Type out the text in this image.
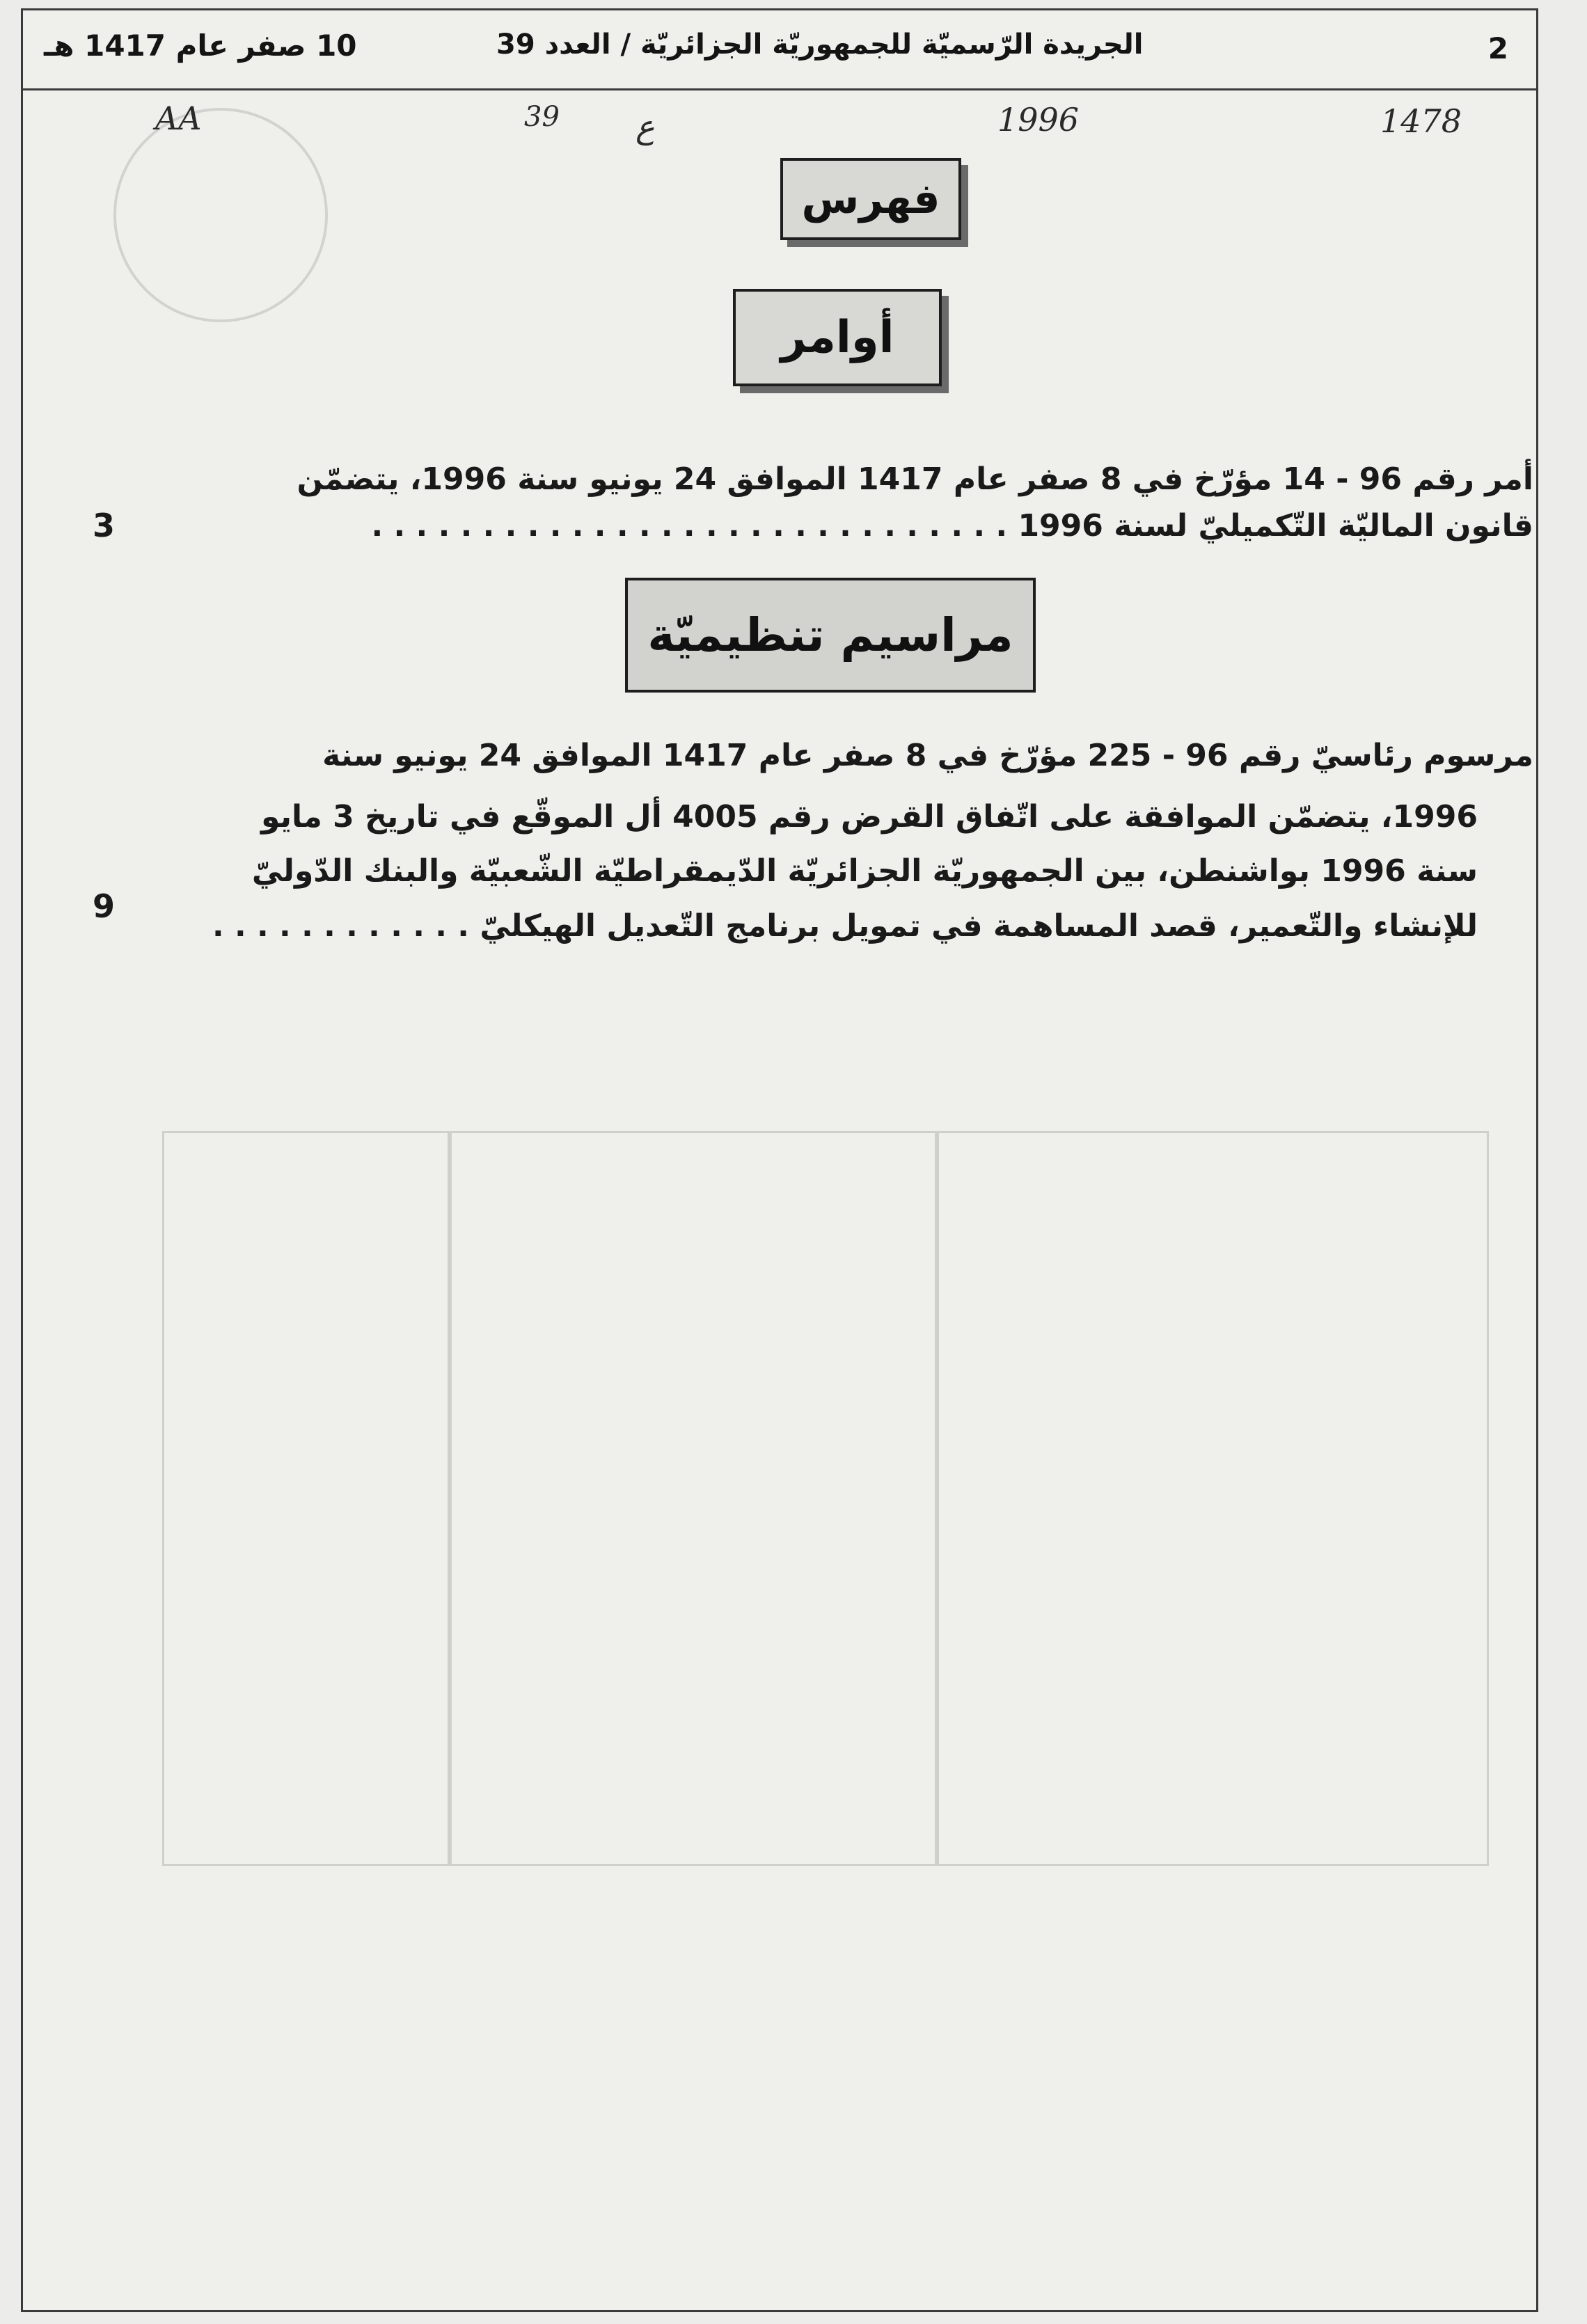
2
الجريدة الرّسميّة للجمهوريّة الجزائريّة / العدد 39
10 صفر عام 1417 هـ
AA	39 ع	1996	1478
فهرس
أوامر
مراسيم تنظيميّة
أمر رقم 96 - 14 مؤرّخ في 8 صفر عام 1417 الموافق 24 يونيو سنة 1996، يتضمّن
قانون الماليّة التّكميليّ لسنة 1996 . . . . . . . . . . . . . . . . . . . . . . . . . . . . .
3
مرسوم رئاسيّ رقم 96 - 225 مؤرّخ في 8 صفر عام 1417 الموافق 24 يونيو سنة
1996، يتضمّن الموافقة على اتّفاق القرض رقم 4005 أل الموقّع في تاريخ 3 مايو
سنة 1996 بواشنطن، بين الجمهوريّة الجزائريّة الدّيمقراطيّة الشّعبيّة والبنك الدّوليّ
للإنشاء والتّعمير، قصد المساهمة في تمويل برنامج التّعديل الهيكليّ . . . . . . . . . . . .
9
